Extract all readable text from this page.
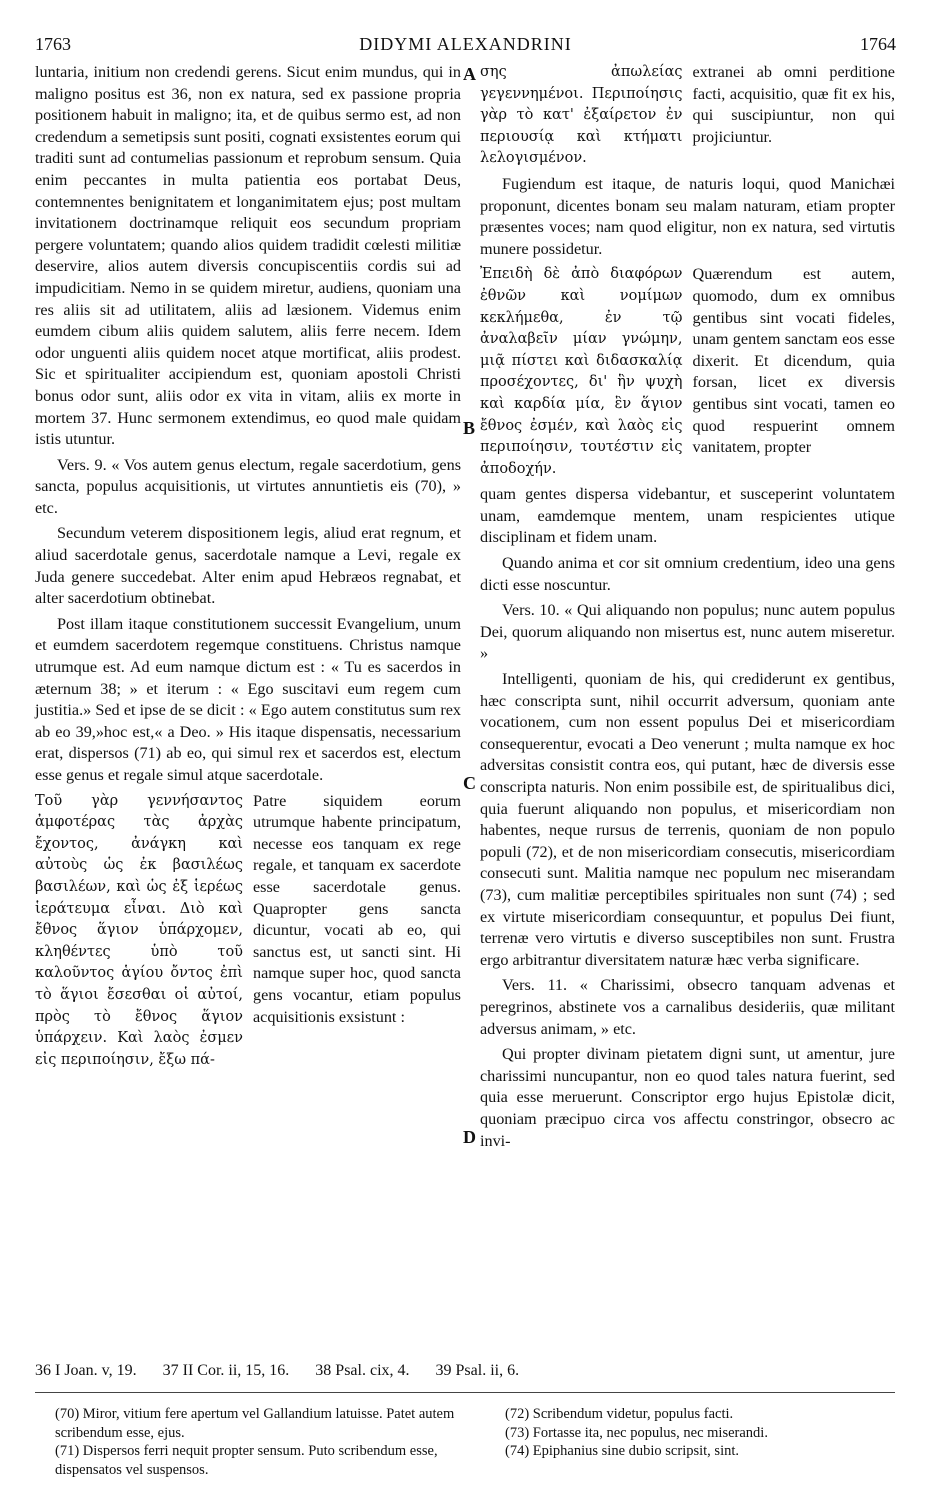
1763	DIDYMI ALEXANDRINI	1764
A
B
C
D

luntaria, initium non credendi gerens. Sicut enim mundus, qui in maligno positus est 36, non ex natura, sed ex passione propria positionem habuit in maligno; ita, et de quibus sermo est, ad non credendum a semetipsis sunt positi, cognati exsistentes eorum qui traditi sunt ad contumelias passionum et reprobum sensum. Quia enim peccantes in multa patientia eos portabat Deus, contemnentes benignitatem et longanimitatem ejus; post multam invitationem doctrinamque reliquit eos secundum propriam pergere voluntatem; quando alios quidem tradidit cœlesti militiæ deservire, alios autem diversis concupiscentiis cordis sui ad impudicitiam. Nemo in se quidem miretur, audiens, quoniam una res aliis sit ad utilitatem, aliis ad læsionem. Videmus enim eumdem cibum aliis quidem salutem, aliis ferre necem. Idem odor unguenti aliis quidem nocet atque mortificat, aliis prodest. Sic et spiritualiter accipiendum est, quoniam apostoli Christi bonus odor sunt, aliis odor ex vita in vitam, aliis ex morte in mortem 37. Hunc sermonem extendimus, eo quod male quidam istis utuntur.

Vers. 9. « Vos autem genus electum, regale sacerdotium, gens sancta, populus acquisitionis, ut virtutes annuntietis eis (70), » etc.

Secundum veterem dispositionem legis, aliud erat regnum, et aliud sacerdotale genus, sacerdotale namque a Levi, regale ex Juda genere succedebat. Alter enim apud Hebræos regnabat, et alter sacerdotium obtinebat.

Post illam itaque constitutionem successit Evangelium, unum et eumdem sacerdotem regemque constituens. Christus namque utrumque est. Ad eum namque dictum est : « Tu es sacerdos in æternum 38; » et iterum : « Ego suscitavi eum regem cum justitia.» Sed et ipse de se dicit : « Ego autem constitutus sum rex ab eo 39,»hoc est,« a Deo. » His itaque dispensatis, necessarium erat, dispersos (71) ab eo, qui simul rex et sacerdos est, electum esse genus et regale simul atque sacerdotale.

Τοῦ γὰρ γεννήσαντος ἀμφοτέρας τὰς ἀρχὰς ἔχοντος, ἀνάγκη καὶ αὐτοὺς ὡς ἐκ βασιλέως βασιλέων, καὶ ὡς ἐξ ἱερέως ἱεράτευμα εἶναι. Διὸ καὶ ἔθνος ἅγιον ὑπάρχομεν, κληθέντες ὑπὸ τοῦ καλοῦντος ἁγίου ὄντος ἐπὶ τὸ ἅγιοι ἔσεσθαι οἱ αὐτοί, πρὸς τὸ ἔθνος ἅγιον ὑπάρχειν. Καὶ λαὸς ἐσμεν εἰς περιποίησιν, ἔξω πά-
Patre siquidem eorum utrumque habente principatum, necesse eos tanquam ex rege regale, et tanquam ex sacerdote esse sacerdotale genus. Quapropter gens sancta dicuntur, vocati ab eo, qui sanctus est, ut sancti sint. Hi namque super hoc, quod sancta gens vocantur, etiam populus acquisitionis exsistunt :
σης ἀπωλείας γεγεννημένοι. Περιποίησις γὰρ τὸ κατ' ἐξαίρετον ἐν περιουσίᾳ καὶ κτήματι λελογισμένον.
extranei ab omni perditione facti, acquisitio, quæ fit ex his, qui suscipiuntur, non qui projiciuntur.

Fugiendum est itaque, de naturis loqui, quod Manichæi proponunt, dicentes bonam seu malam naturam, etiam propter præsentes voces; nam quod eligitur, non ex natura, sed virtutis munere possidetur.

Ἐπειδὴ δὲ ἀπὸ διαφόρων ἐθνῶν καὶ νομίμων κεκλήμεθα, ἐν τῷ ἀναλαβεῖν μίαν γνώμην, μιᾷ πίστει καὶ διδασκαλίᾳ προσέχοντες, δι' ἣν ψυχὴ καὶ καρδία μία, ἓν ἅγιον ἔθνος ἐσμέν, καὶ λαὸς εἰς περιποίησιν, τουτέστιν εἰς ἀποδοχήν.
Quærendum est autem, quomodo, dum ex omnibus gentibus sint vocati fideles, unam gentem sanctam eos esse dixerit. Et dicendum, quia forsan, licet ex diversis gentibus sint vocati, tamen eo quod respuerint omnem vanitatem, propter

quam gentes dispersa videbantur, et susceperint voluntatem unam, eamdemque mentem, unam respicientes utique disciplinam et fidem unam.

Quando anima et cor sit omnium credentium, ideo una gens dicti esse noscuntur.

Vers. 10. « Qui aliquando non populus; nunc autem populus Dei, quorum aliquando non misertus est, nunc autem miseretur. »

Intelligenti, quoniam de his, qui crediderunt ex gentibus, hæc conscripta sunt, nihil occurrit adversum, quoniam ante vocationem, cum non essent populus Dei et misericordiam consequerentur, evocati a Deo venerunt ; multa namque ex hoc adversitas consistit contra eos, qui putant, hæc de diversis esse conscripta naturis. Non enim possibile est, de spiritualibus dici, quia fuerunt aliquando non populus, et misericordiam non habentes, neque rursus de terrenis, quoniam de non populo populi (72), et de non misericordiam consecutis, misericordiam consecuti sunt. Malitia namque nec populum nec miserandam (73), cum malitiæ perceptibiles spirituales non sunt (74) ; sed ex virtute misericordiam consequuntur, et populus Dei fiunt, terrenæ vero virtutis e diverso susceptibiles non sunt. Frustra ergo arbitrantur diversitatem naturæ hæc verba significare.

Vers. 11. « Charissimi, obsecro tanquam advenas et peregrinos, abstinete vos a carnalibus desideriis, quæ militant adversus animam, » etc.

Qui propter divinam pietatem digni sunt, ut amentur, jure charissimi nuncupantur, non eo quod tales natura fuerint, sed quia esse meruerunt. Conscriptor ergo hujus Epistolæ dicit, quoniam præcipuo circa vos affectu constringor, obsecro ac invi-

36 I Joan. v, 19. 37 II Cor. ii, 15, 16. 38 Psal. cix, 4. 39 Psal. ii, 6.

(70) Miror, vitium fere apertum vel Gallandium latuisse. Patet autem scribendum esse, ejus.

(71) Dispersos ferri nequit propter sensum. Puto scribendum esse, dispensatos vel suspensos.

(72) Scribendum videtur, populus facti.

(73) Fortasse ita, nec populus, nec miserandi.

(74) Epiphanius sine dubio scripsit, sint.
